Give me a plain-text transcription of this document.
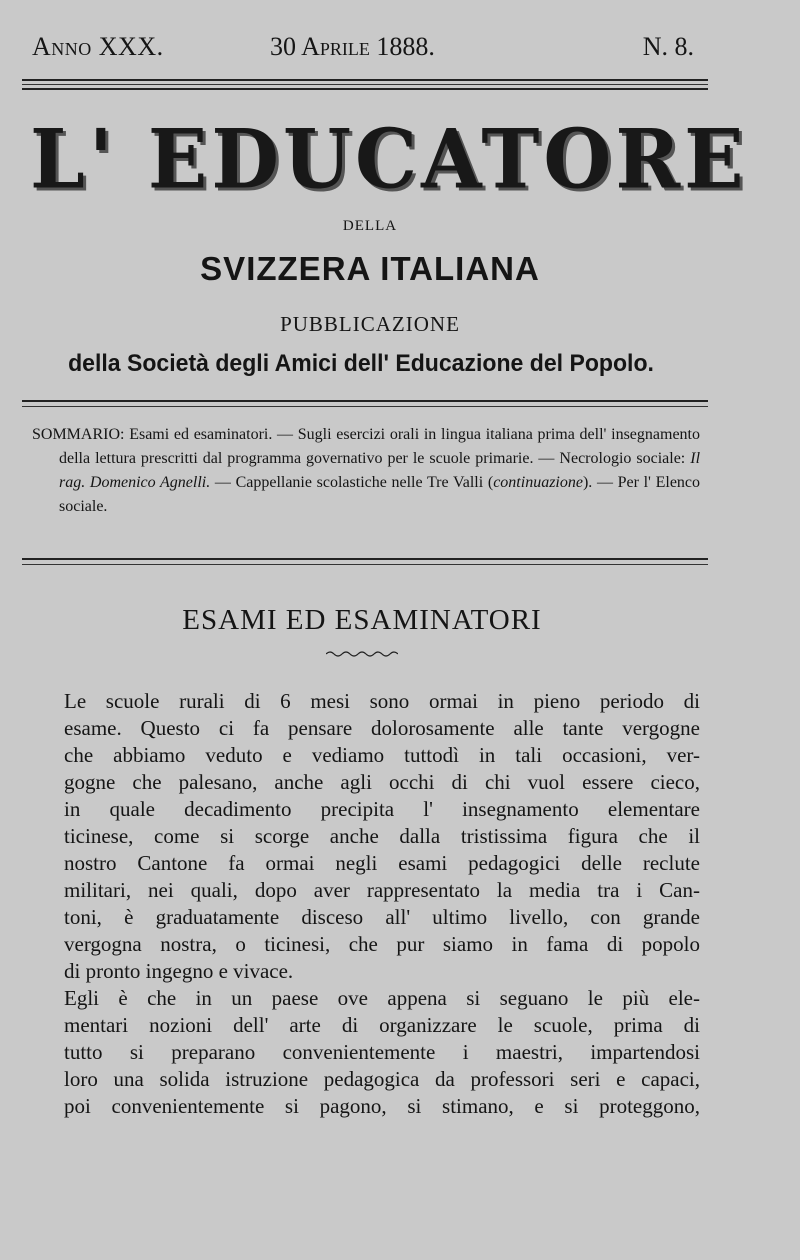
Anno XXX.	30 Aprile 1888.	N. 8.
L' EDUCATORE
DELLA
SVIZZERA ITALIANA
PUBBLICAZIONE
della Società degli Amici dell' Educazione del Popolo.
SOMMARIO: Esami ed esaminatori. — Sugli esercizi orali in lingua italiana prima dell' insegnamento della lettura prescritti dal programma governativo per le scuole primarie. — Necrologio sociale: Il rag. Domenico Agnelli. — Cappellanie scolastiche nelle Tre Valli (continuazione). — Per l' Elenco sociale.
ESAMI ED ESAMINATORI

Le scuole rurali di 6 mesi sono ormai in pieno periodo di
esame. Questo ci fa pensare dolorosamente alle tante vergogne
che abbiamo veduto e vediamo tuttodì in tali occasioni, ver-
gogne che palesano, anche agli occhi di chi vuol essere cieco,
in quale decadimento precipita l' insegnamento elementare
ticinese, come si scorge anche dalla tristissima figura che il
nostro Cantone fa ormai negli esami pedagogici delle reclute
militari, nei quali, dopo aver rappresentato la media tra i Can-
toni, è graduatamente disceso all' ultimo livello, con grande
vergogna nostra, o ticinesi, che pur siamo in fama di popolo
di pronto ingegno e vivace.

Egli è che in un paese ove appena si seguano le più ele-
mentari nozioni dell' arte di organizzare le scuole, prima di
tutto si preparano convenientemente i maestri, impartendosi
loro una solida istruzione pedagogica da professori seri e capaci,
poi convenientemente si pagono, si stimano, e si proteggono,
